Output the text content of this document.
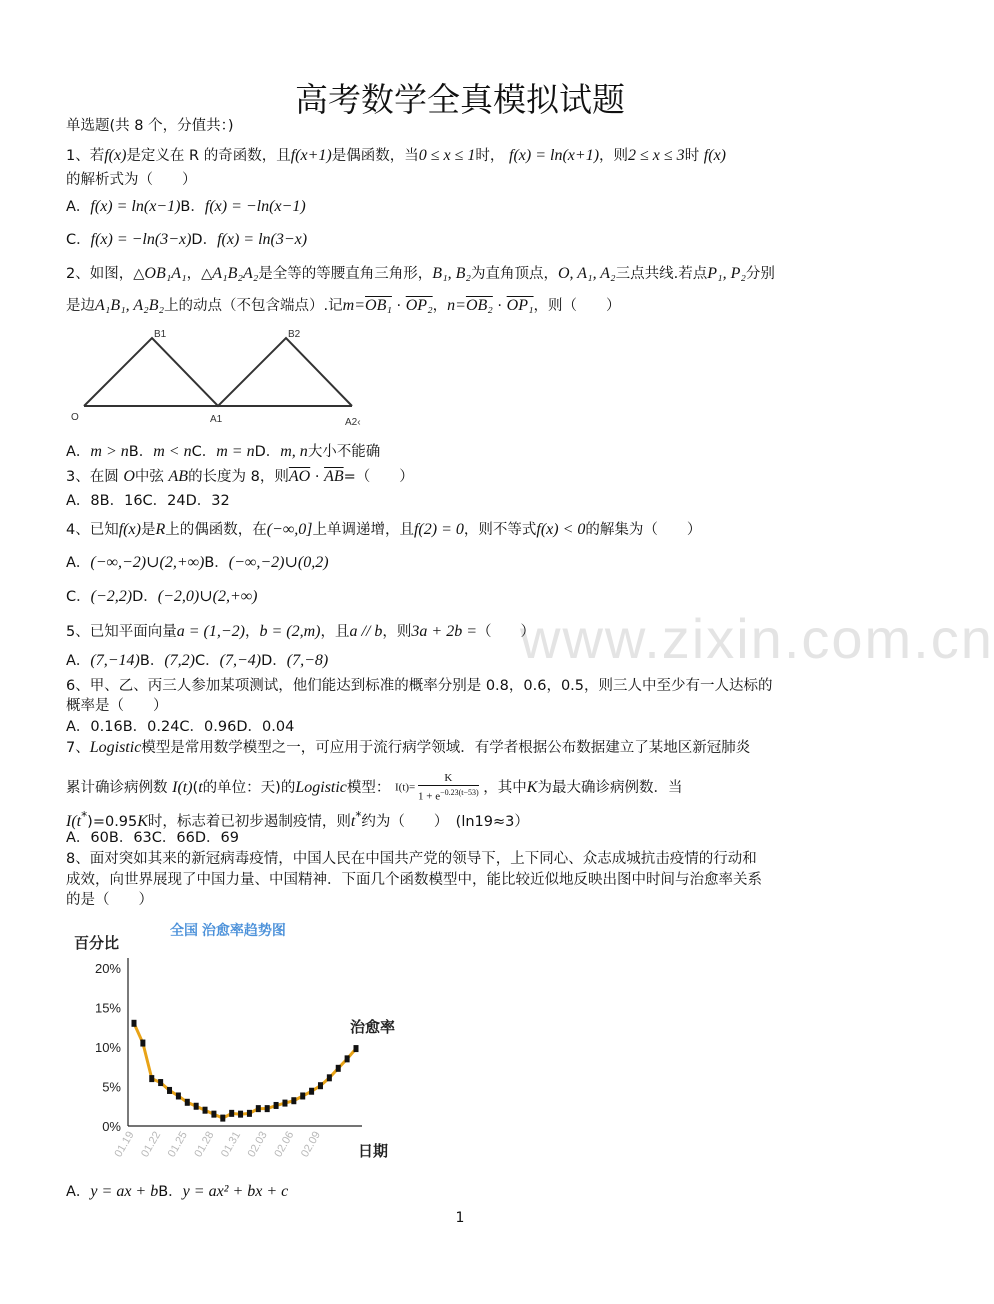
高考数学全真模拟试题
单选题(共 8 个，分值共：)
1、若f(x)是定义在 R 的奇函数，且f(x+1)是偶函数，当0 ≤ x ≤ 1时， f(x) = ln(x+1)，则2 ≤ x ≤ 3时 f(x)
的解析式为（　　）
A．f(x) = ln(x−1)B．f(x) = −ln(x−1)
C．f(x) = −ln(3−x)D．f(x) = ln(3−x)
2、如图，△OB₁A₁，△A₁B₂A₂是全等的等腰直角三角形，B₁, B₂为直角顶点，O, A₁, A₂三点共线.若点P₁, P₂分别
是边A₁B₁, A₂B₂上的动点（不包含端点）.记m=OB₁ · OP₂，n=OB₂ · OP₁，则（　　）
B1	B2
O	A1	A2‹
A．m > nB．m < nC．m = nD．m, n大小不能确
3、在圆 O中弦 AB的长度为 8，则$\overline{AO} \cdot \overline{AB}=$（　　）
A．8B．16C．24D．32
4、已知f(x)是R上的偶函数，在(−∞,0]上单调递增，且f(2) = 0，则不等式f(x) < 0的解集为（　　）
A．(−∞,−2)∪(2,+∞)B．(−∞,−2)∪(0,2)
C．(−2,2)D．(−2,0)∪(2,+∞)
www.zixin.com.cn
5、已知平面向量a = (1,−2)，b = (2,m)，且a // b，则3a + 2b =（　　）
A．(7,−14)B．(7,2)C．(7,−4)D．(7,−8)
6、甲、乙、丙三人参加某项测试，他们能达到标准的概率分别是 0.8，0.6，0.5，则三人中至少有一人达标的
概率是（　　）
A．0.16B．0.24C．0.96D．0.04
7、Logistic模型是常用数学模型之一，可应用于流行病学领域．有学者根据公布数据建立了某地区新冠肺炎
累计确诊病例数 I(t)(t的单位：天)的Logistic模型： $I(t)= \frac{K}{1 + e^{-0.23(t-53)}}$ ，其中K为最大确诊病例数．当
I(t*)=0.95K时，标志着已初步遏制疫情，则t*约为（　　）　(ln19≈3）
A．60B．63C．66D．69
8、面对突如其来的新冠病毒疫情，中国人民在中国共产党的领导下，上下同心、众志成城抗击疫情的行动和
成效，向世界展现了中国力量、中国精神．下面几个函数模型中，能比较近似地反映出图中时间与治愈率关系
的是（　　）
全国 治愈率趋势图
百分比
日期
治愈率
20%
15%
10%
5%
0%
01.19 01.22 01.25 01.28 01.31 02.03 02.06 02.09
A．y = ax + bB．y = ax² + bx + c
1
